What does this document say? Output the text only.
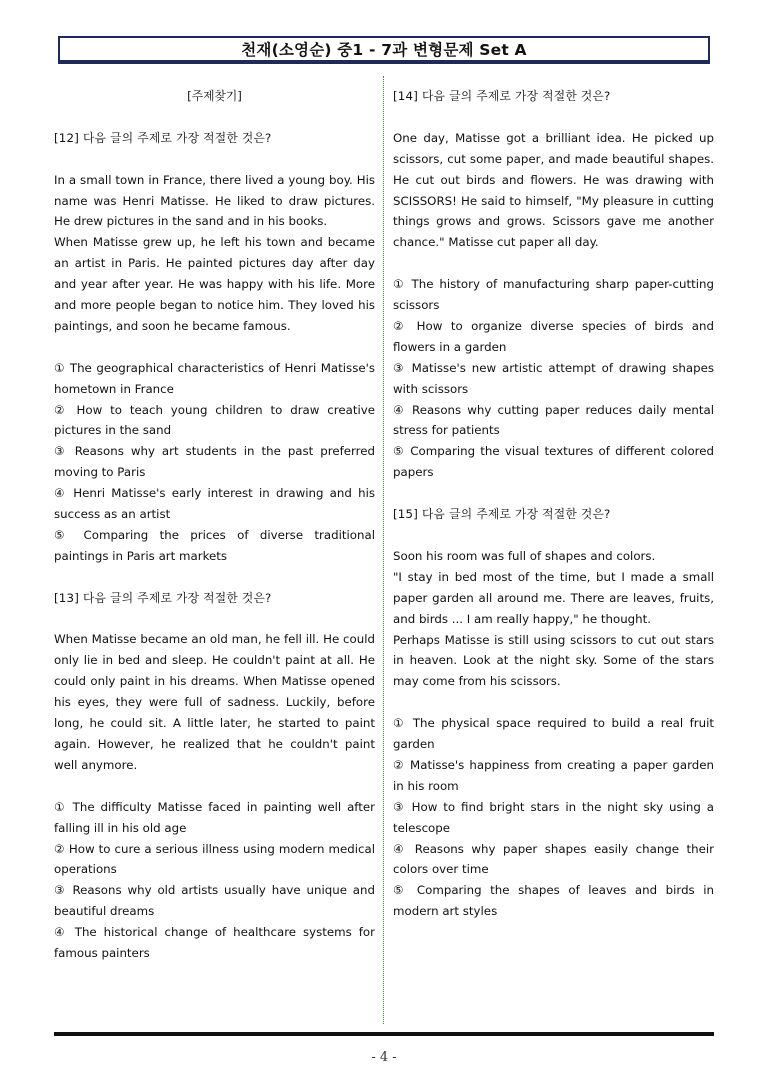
천재(소영순) 중1 - 7과 변형문제 Set A

[주제찾기]

[12] 다음 글의 주제로 가장 적절한 것은?

In a small town in France, there lived a young boy. His name was Henri Matisse. He liked to draw pictures. He drew pictures in the sand and in his books.

When Matisse grew up, he left his town and became an artist in Paris. He painted pictures day after day and year after year. He was happy with his life. More and more people began to notice him. They loved his paintings, and soon he became famous.

① The geographical characteristics of Henri Matisse's hometown in France

② How to teach young children to draw creative pictures in the sand

③ Reasons why art students in the past preferred moving to Paris

④ Henri Matisse's early interest in drawing and his success as an artist

⑤ Comparing the prices of diverse traditional paintings in Paris art markets

[13] 다음 글의 주제로 가장 적절한 것은?

When Matisse became an old man, he fell ill. He could only lie in bed and sleep. He couldn't paint at all. He could only paint in his dreams. When Matisse opened his eyes, they were full of sadness. Luckily, before long, he could sit. A little later, he started to paint again. However, he realized that he couldn't paint well anymore.

① The difficulty Matisse faced in painting well after falling ill in his old age

② How to cure a serious illness using modern medical operations

③ Reasons why old artists usually have unique and beautiful dreams

④ The historical change of healthcare systems for famous painters

[14] 다음 글의 주제로 가장 적절한 것은?

One day, Matisse got a brilliant idea. He picked up scissors, cut some paper, and made beautiful shapes. He cut out birds and flowers. He was drawing with SCISSORS! He said to himself, "My pleasure in cutting things grows and grows. Scissors gave me another chance." Matisse cut paper all day.

① The history of manufacturing sharp paper-cutting scissors

② How to organize diverse species of birds and flowers in a garden

③ Matisse's new artistic attempt of drawing shapes with scissors

④ Reasons why cutting paper reduces daily mental stress for patients

⑤ Comparing the visual textures of different colored papers

[15] 다음 글의 주제로 가장 적절한 것은?

Soon his room was full of shapes and colors.

"I stay in bed most of the time, but I made a small paper garden all around me. There are leaves, fruits, and birds ... I am really happy," he thought.

Perhaps Matisse is still using scissors to cut out stars in heaven. Look at the night sky. Some of the stars may come from his scissors.

① The physical space required to build a real fruit garden

② Matisse's happiness from creating a paper garden in his room

③ How to find bright stars in the night sky using a telescope

④ Reasons why paper shapes easily change their colors over time

⑤ Comparing the shapes of leaves and birds in modern art styles

- 4 -
